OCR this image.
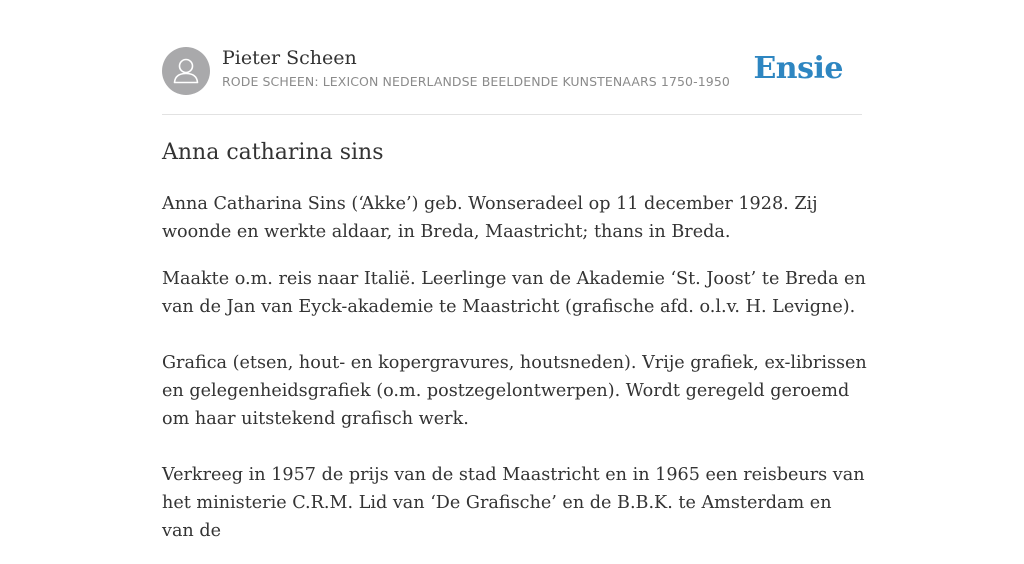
Pieter Scheen
RODE SCHEEN: LEXICON NEDERLANDSE BEELDENDE KUNSTENAARS 1750-1950 Ensie
Anna catharina sins

Anna Catharina Sins (‘Akke’) geb. Wonseradeel op 11 december 1928. Zij woonde en werkte aldaar, in Breda, Maastricht; thans in Breda.

Maakte o.m. reis naar Italië. Leerlinge van de Akademie ‘St. Joost’ te Breda en van de Jan van Eyck-akademie te Maastricht (grafische afd. o.l.v. H. Levigne).

Grafica (etsen, hout- en kopergravures, houtsneden). Vrije grafiek, ex-librissen en gelegenheidsgrafiek (o.m. postzegelontwerpen). Wordt geregeld geroemd om haar uitstekend grafisch werk.

Verkreeg in 1957 de prijs van de stad Maastricht en in 1965 een reisbeurs van het ministerie C.R.M. Lid van ‘De Grafische’ en de B.B.K. te Amsterdam en van de
